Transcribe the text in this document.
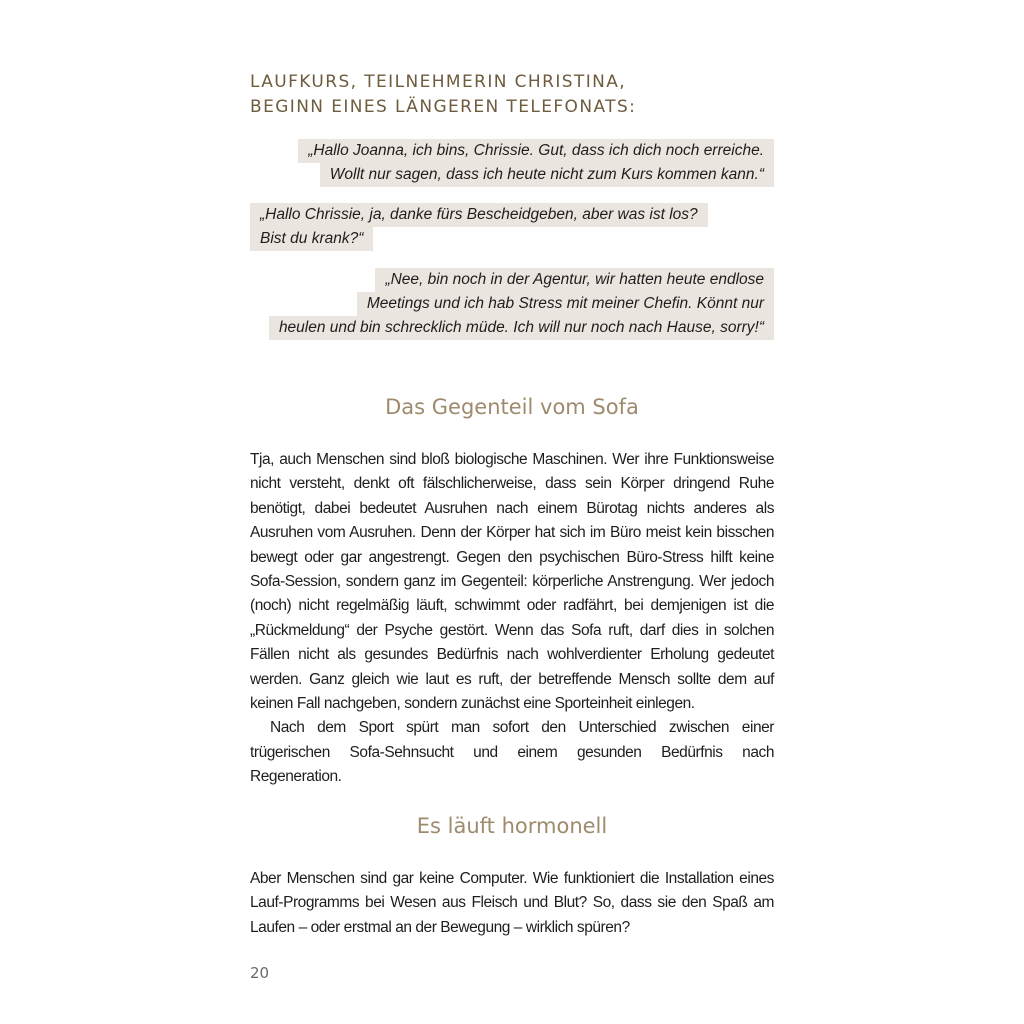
LAUFKURS, TEILNEHMERIN CHRISTINA,
BEGINN EINES LÄNGEREN TELEFONATS:
„Hallo Joanna, ich bins, Chrissie. Gut, dass ich dich noch erreiche.
Wollt nur sagen, dass ich heute nicht zum Kurs kommen kann.“
„Hallo Chrissie, ja, danke fürs Bescheidgeben, aber was ist los?
Bist du krank?“
„Nee, bin noch in der Agentur, wir hatten heute endlose
Meetings und ich hab Stress mit meiner Chefin. Könnt nur
heulen und bin schrecklich müde. Ich will nur noch nach Hause, sorry!“
Das Gegenteil vom Sofa

Tja, auch Menschen sind bloß biologische Maschinen. Wer ihre Funktionsweise nicht versteht, denkt oft fälschlicherweise, dass sein Körper dringend Ruhe benötigt, dabei bedeutet Ausruhen nach einem Bürotag nichts anderes als Ausruhen vom Ausruhen. Denn der Körper hat sich im Büro meist kein bisschen bewegt oder gar angestrengt. Gegen den psychischen Büro-Stress hilft keine Sofa-Session, sondern ganz im Gegenteil: körperliche Anstrengung. Wer jedoch (noch) nicht regelmäßig läuft, schwimmt oder radfährt, bei demjenigen ist die „Rückmeldung“ der Psyche gestört. Wenn das Sofa ruft, darf dies in solchen Fällen nicht als gesundes Bedürfnis nach wohlverdienter Erholung gedeutet werden. Ganz gleich wie laut es ruft, der betreffende Mensch sollte dem auf keinen Fall nachgeben, sondern zunächst eine Sporteinheit einlegen.

Nach dem Sport spürt man sofort den Unterschied zwischen einer trügerischen Sofa-Sehnsucht und einem gesunden Bedürfnis nach Regeneration.

Es läuft hormonell

Aber Menschen sind gar keine Computer. Wie funktioniert die Installation eines Lauf-Programms bei Wesen aus Fleisch und Blut? So, dass sie den Spaß am Laufen – oder erstmal an der Bewegung – wirklich spüren?

20
